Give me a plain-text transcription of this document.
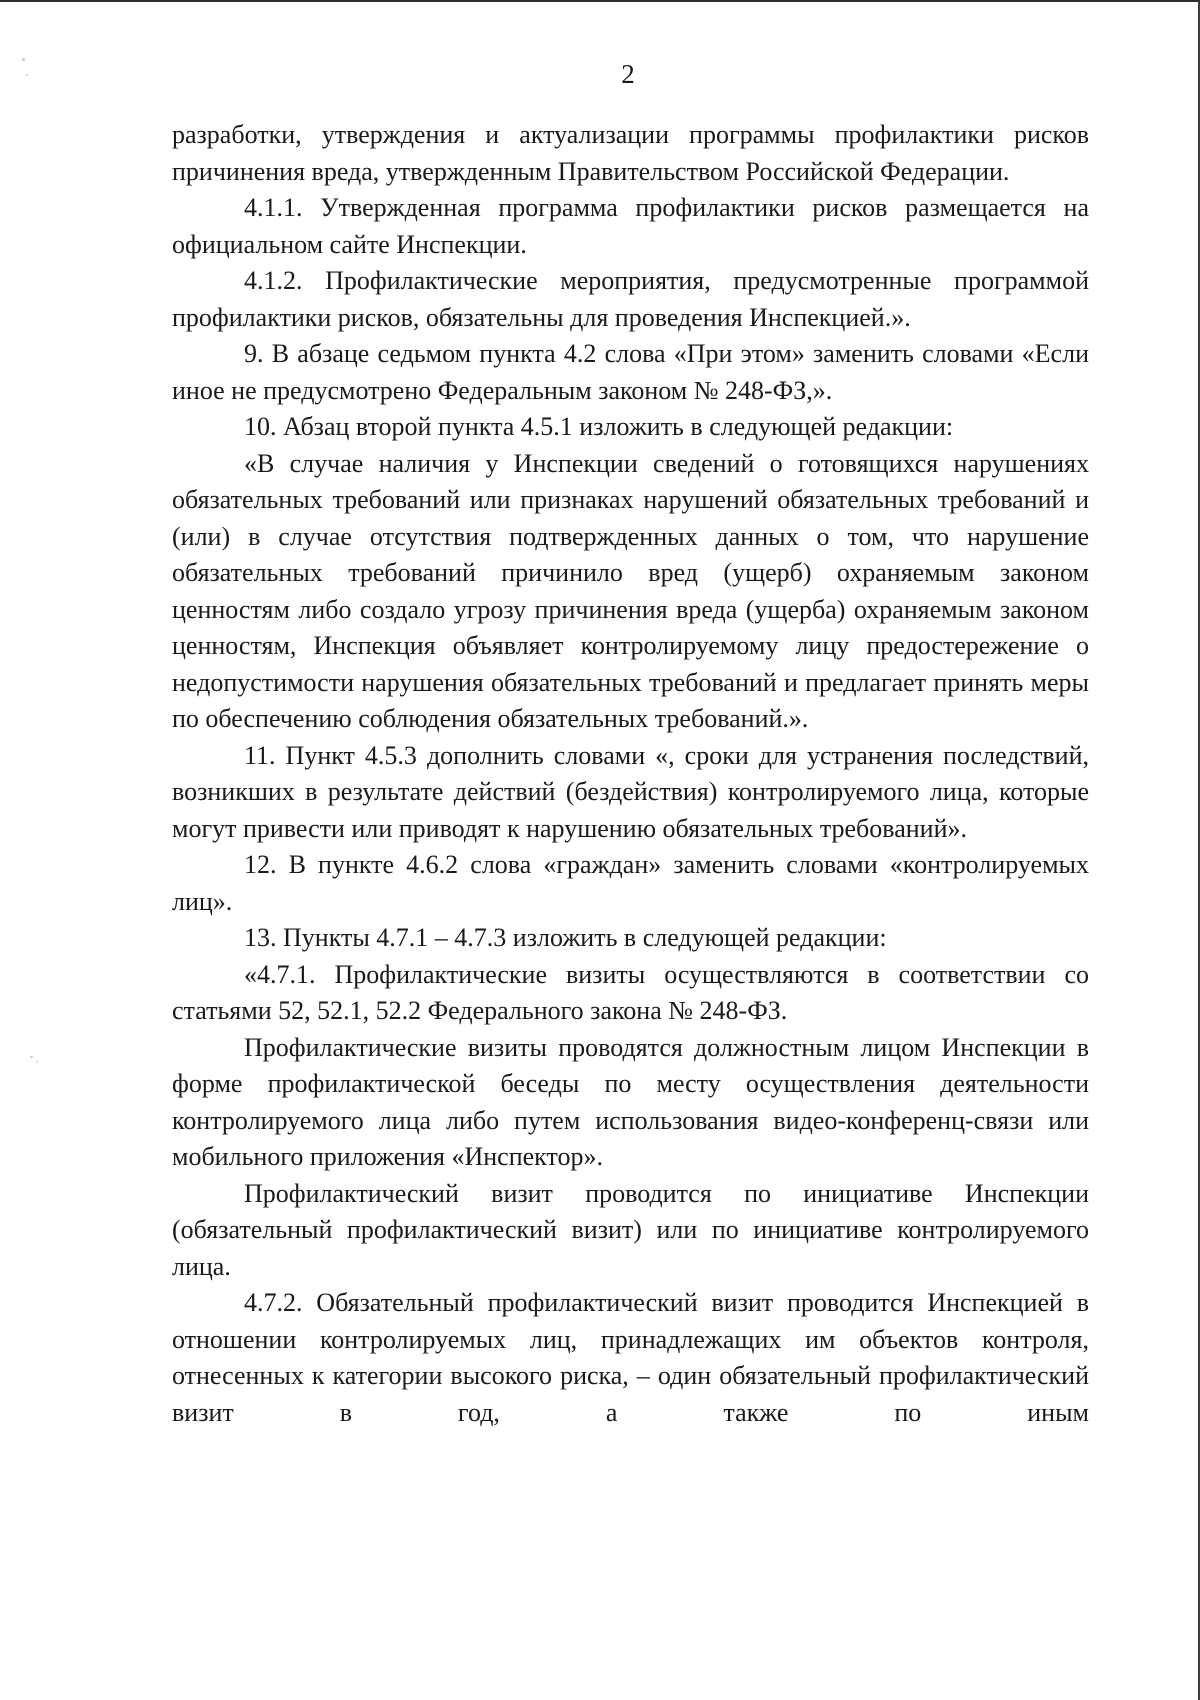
2

разработки, утверждения и актуализации программы профилактики рисков причинения вреда, утвержденным Правительством Российской Федерации.

4.1.1. Утвержденная программа профилактики рисков размещается на официальном сайте Инспекции.

4.1.2. Профилактические мероприятия, предусмотренные программой профилактики рисков, обязательны для проведения Инспекцией.».

9. В абзаце седьмом пункта 4.2 слова «При этом» заменить словами «Если иное не предусмотрено Федеральным законом № 248-ФЗ,».

10. Абзац второй пункта 4.5.1 изложить в следующей редакции:

«В случае наличия у Инспекции сведений о готовящихся нарушениях обязательных требований или признаках нарушений обязательных требований и (или) в случае отсутствия подтвержденных данных о том, что нарушение обязательных требований причинило вред (ущерб) охраняемым законом ценностям либо создало угрозу причинения вреда (ущерба) охраняемым законом ценностям, Инспекция объявляет контролируемому лицу предостережение о недопустимости нарушения обязательных требований и предлагает принять меры по обеспечению соблюдения обязательных требований.».

11. Пункт 4.5.3 дополнить словами «, сроки для устранения последствий, возникших в результате действий (бездействия) контролируемого лица, которые могут привести или приводят к нарушению обязательных требований».

12. В пункте 4.6.2 слова «граждан» заменить словами «контролируемых лиц».

13. Пункты 4.7.1 – 4.7.3 изложить в следующей редакции:

«4.7.1. Профилактические визиты осуществляются в соответствии со статьями 52, 52.1, 52.2 Федерального закона № 248-ФЗ.

Профилактические визиты проводятся должностным лицом Инспекции в форме профилактической беседы по месту осуществления деятельности контролируемого лица либо путем использования видео-конференц-связи или мобильного приложения «Инспектор».

Профилактический визит проводится по инициативе Инспекции (обязательный профилактический визит) или по инициативе контролируемого лица.

4.7.2. Обязательный профилактический визит проводится Инспекцией в отношении контролируемых лиц, принадлежащих им объектов контроля, отнесенных к категории высокого риска, – один обязательный профилактический визит в год, а также по иным
